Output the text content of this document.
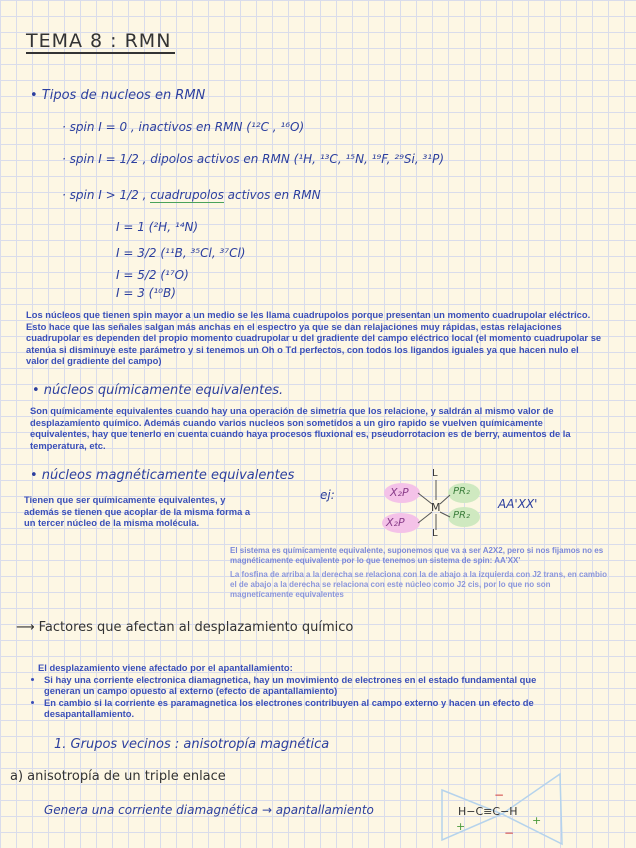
TEMA 8 : RMN
• Tipos de nucleos en RMN
· spin I = 0 , inactivos en RMN (¹²C , ¹⁶O)
· spin I = 1/2 , dipolos activos en RMN (¹H, ¹³C, ¹⁵N, ¹⁹F, ²⁹Si, ³¹P)
· spin I > 1/2 , cuadrupolos activos en RMN
I = 1 (²H, ¹⁴N)
I = 3/2 (¹¹B, ³⁵Cl, ³⁷Cl)
I = 5/2 (¹⁷O)
I = 3 (¹⁰B)
Los núcleos que tienen spin mayor a un medio se les llama cuadrupolos porque presentan un momento cuadrupolar eléctrico. Esto hace que las señales salgan más anchas en el espectro ya que se dan relajaciones muy rápidas, estas relajaciones cuadrupolar es dependen del propio momento cuadrupolar u del gradiente del campo eléctrico local (el momento cuadrupolar se atenúa si disminuye este parámetro y si tenemos un Oh o Td perfectos, con todos los ligandos iguales ya que hacen nulo el valor del gradiente del campo)
• núcleos químicamente equivalentes.
Son químicamente equivalentes cuando hay una operación de simetría que los relacione, y saldrán al mismo valor de desplazamiento químico. Además cuando varios nucleos son sometidos a un giro rapido se vuelven químicamente equivalentes, hay que tenerlo en cuenta cuando haya procesos fluxional es, pseudorrotacion es de berry, aumentos de la temperatura, etc.
• núcleos magnéticamente equivalentes
Tienen que ser químicamente equivalentes, y además se tienen que acoplar de la misma forma a un tercer núcleo de la misma molécula.
ej:
L
L
M
X₂P
X₂P
PR₂
PR₂
AA'XX'
El sistema es químicamente equivalente, suponemos que va a ser A2X2, pero si nos fijamos no es magnéticamente equivalente por lo que tenemos un sistema de spin: AA'XX'
La fosfina de arriba a la derecha se relaciona con la de abajo a la izquierda con J2 trans, en cambio el de abajo a la derecha se relaciona con este núcleo como J2 cis, por lo que no son magnetícamente equivalentes
⟶ Factores que afectan al desplazamiento químico
El desplazamiento viene afectado por el apantallamiento:
• Si hay una corriente electronica diamagnetica, hay un movimiento de electrones en el estado fundamental que generan un campo opuesto al externo (efecto de apantallamiento)
• En cambio si la corriente es paramagnetica los electrones contribuyen al campo externo y hacen un efecto de desapantallamiento.
1. Grupos vecinos : anisotropía magnética
a) anisotropía de un triple enlace
Genera una corriente diamagnética → apantallamiento	H−C≡C−H
−
−
+	+
